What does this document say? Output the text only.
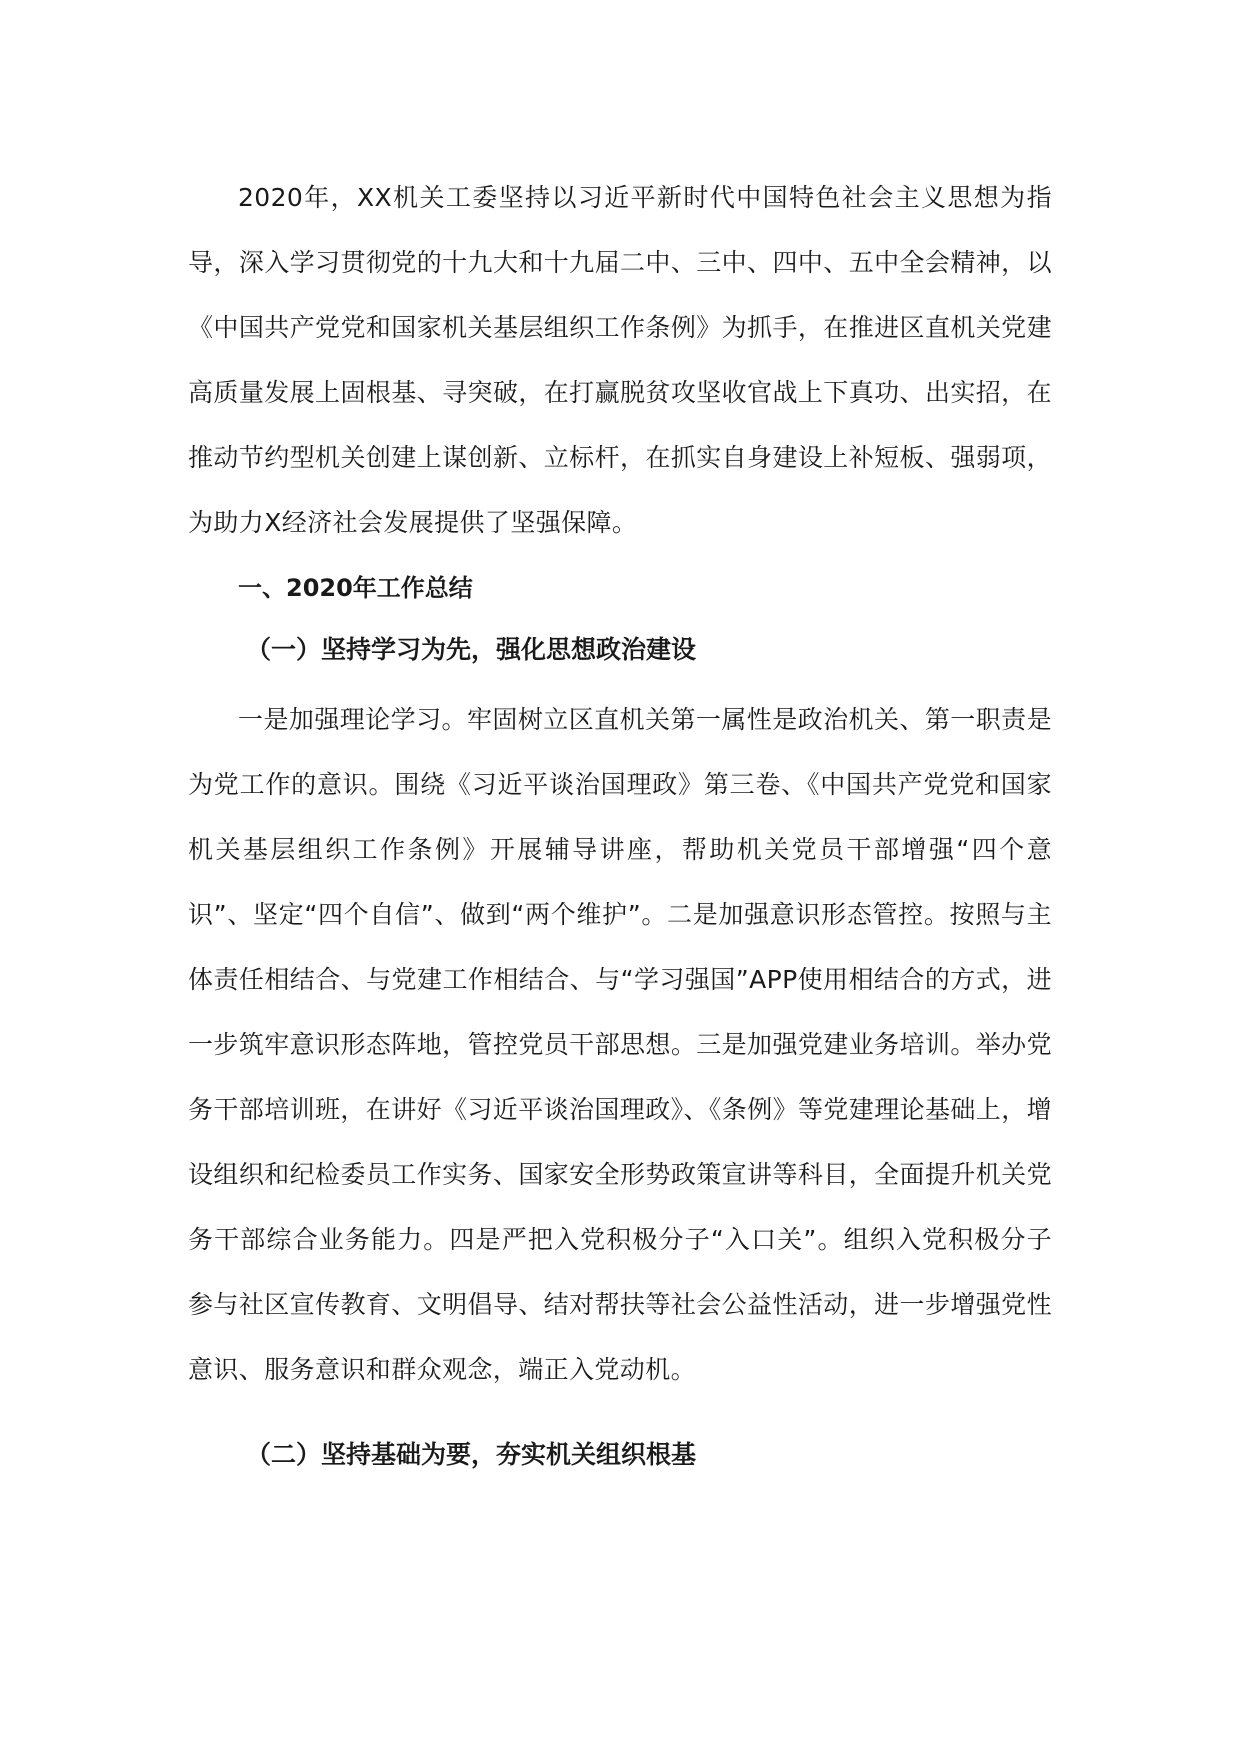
2020年，XX机关工委坚持以习近平新时代中国特色社会主义思想为指导，深入学习贯彻党的十九大和十九届二中、三中、四中、五中全会精神，以《中国共产党党和国家机关基层组织工作条例》为抓手，在推进区直机关党建高质量发展上固根基、寻突破，在打赢脱贫攻坚收官战上下真功、出实招，在推动节约型机关创建上谋创新、立标杆，在抓实自身建设上补短板、强弱项，为助力X经济社会发展提供了坚强保障。

一、2020年工作总结

（一）坚持学习为先，强化思想政治建设

一是加强理论学习。牢固树立区直机关第一属性是政治机关、第一职责是为党工作的意识。围绕《习近平谈治国理政》第三卷、《中国共产党党和国家机关基层组织工作条例》开展辅导讲座，帮助机关党员干部增强“四个意识”、坚定“四个自信”、做到“两个维护”。二是加强意识形态管控。按照与主体责任相结合、与党建工作相结合、与“学习强国”APP使用相结合的方式，进一步筑牢意识形态阵地，管控党员干部思想。三是加强党建业务培训。举办党务干部培训班，在讲好《习近平谈治国理政》、《条例》等党建理论基础上，增设组织和纪检委员工作实务、国家安全形势政策宣讲等科目，全面提升机关党务干部综合业务能力。四是严把入党积极分子“入口关”。组织入党积极分子参与社区宣传教育、文明倡导、结对帮扶等社会公益性活动，进一步增强党性意识、服务意识和群众观念，端正入党动机。

（二）坚持基础为要，夯实机关组织根基
